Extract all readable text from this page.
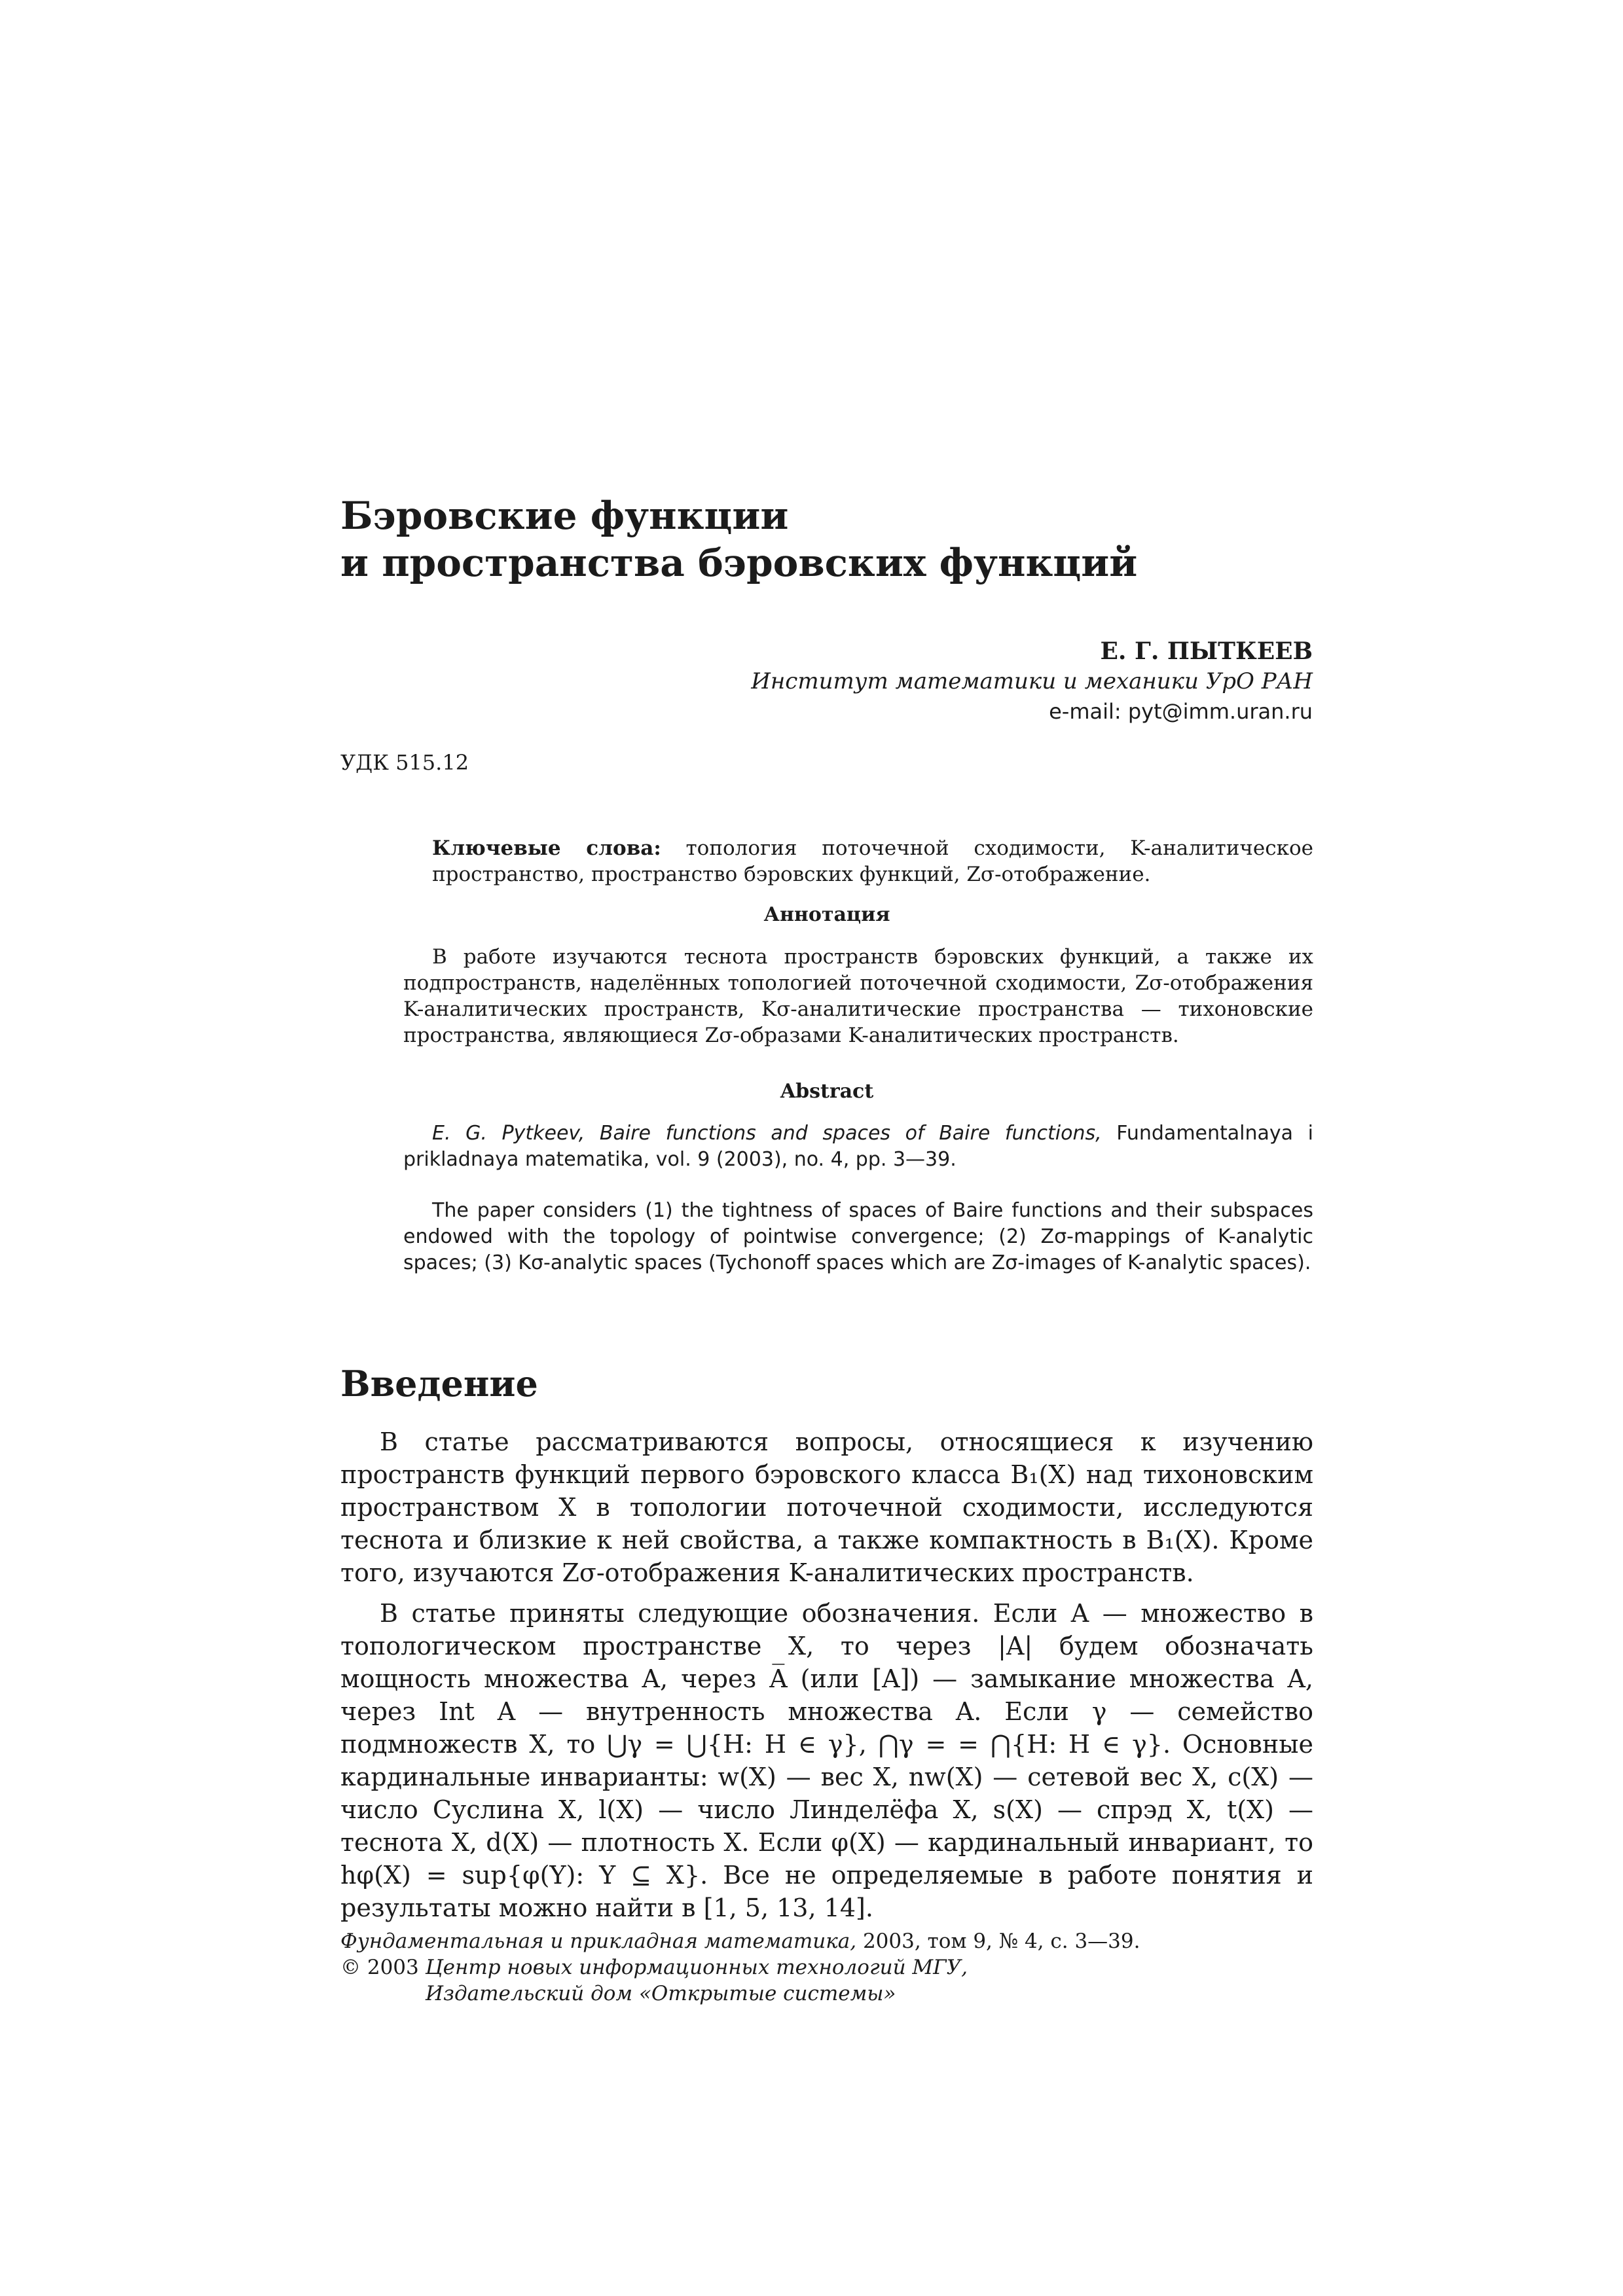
Бэровские функции
и пространства бэровских функций
Е. Г. ПЫТКЕЕВ
Институт математики и механики УрО РАН
e-mail: pyt@imm.uran.ru
УДК 515.12
Ключевые слова: топология поточечной сходимости, K-аналитическое пространство, пространство бэровских функций, Zσ-отображение.
Аннотация

В работе изучаются теснота пространств бэровских функций, а также их подпространств, наделённых топологией поточечной сходимости, Zσ-отображения K-аналитических пространств, Kσ-аналитические пространства — тихоновские пространства, являющиеся Zσ-образами K-аналитических пространств.

Abstract

E. G. Pytkeev, Baire functions and spaces of Baire functions, Fundamentalnaya i prikladnaya matematika, vol. 9 (2003), no. 4, pp. 3—39.

The paper considers (1) the tightness of spaces of Baire functions and their subspaces endowed with the topology of pointwise convergence; (2) Zσ-mappings of K-analytic spaces; (3) Kσ-analytic spaces (Tychonoff spaces which are Zσ-images of K-analytic spaces).

Введение

В статье рассматриваются вопросы, относящиеся к изучению пространств функций первого бэровского класса B₁(X) над тихоновским пространством X в топологии поточечной сходимости, исследуются теснота и близкие к ней свойства, а также компактность в B₁(X). Кроме того, изучаются Zσ-отображения K-аналитических пространств.

В статье приняты следующие обозначения. Если A — множество в топологическом пространстве X, то через |A| будем обозначать мощность множества A, через A̅ (или [A]) — замыкание множества A, через Int A — внутренность множества A. Если γ — семейство подмножеств X, то ⋃γ = ⋃{H: H ∈ γ}, ⋂γ = = ⋂{H: H ∈ γ}. Основные кардинальные инварианты: w(X) — вес X, nw(X) — сетевой вес X, c(X) — число Суслина X, l(X) — число Линделёфа X, s(X) — спрэд X, t(X) — теснота X, d(X) — плотность X. Если φ(X) — кардинальный инвариант, то hφ(X) = sup{φ(Y): Y ⊆ X}. Все не определяемые в работе понятия и результаты можно найти в [1, 5, 13, 14].

Фундаментальная и прикладная математика, 2003, том 9, № 4, с. 3—39.
© 2003 Центр новых информационных технологий МГУ,
Издательский дом «Открытые системы»
